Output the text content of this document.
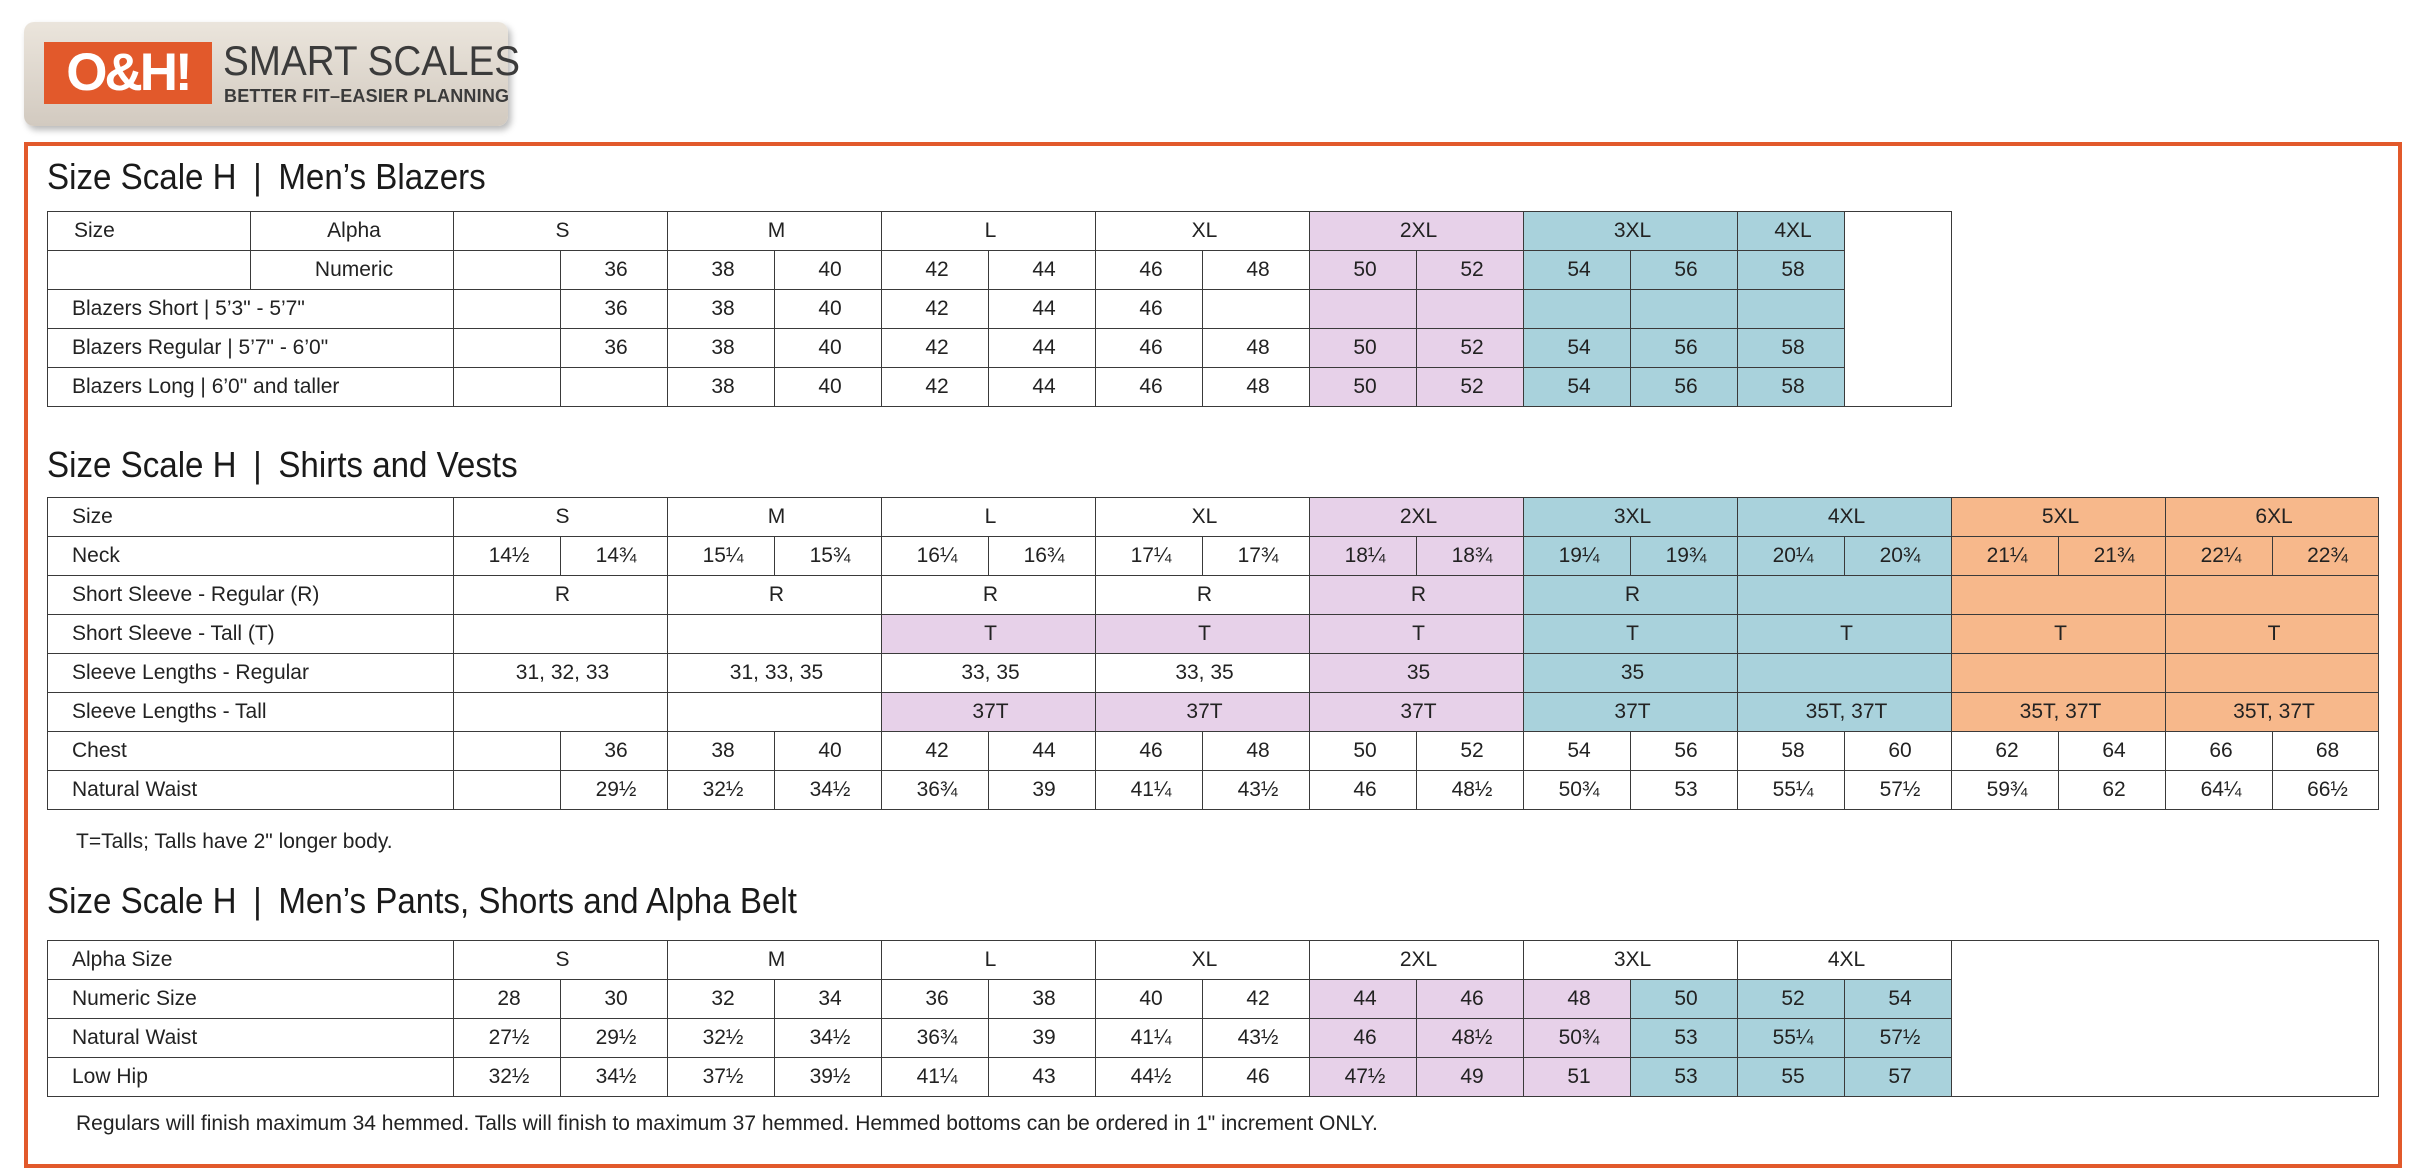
O&H! SMART SCALES
BETTER FIT–EASIER PLANNING
Size Scale H | Men’s Blazers
Size	Alpha	S		M		L		XL		2XL		3XL		4XL	
	Numeric		36	38	40	42	44	46	48	50	52	54	56	58	
Blazers Short | 5’3" - 5’7"			36	38	40	42	44	46							
Blazers Regular | 5’7" - 6’0"			36	38	40	42	44	46	48	50	52	54	56	58	
Blazers Long | 6’0" and taller				38	40	42	44	46	48	50	52	54	56	58	
Size Scale H | Shirts and Vests
Size	S		M		L		XL		2XL		3XL		4XL		5XL		6XL	
Neck	14½	14¾	15¼	15¾	16¼	16¾	17¼	17¾	18¼	18¾	19¼	19¾	20¼	20¾	21¼	21¾	22¼	22¾
Short Sleeve - Regular (R)	R		R		R		R		R		R							
Short Sleeve - Tall (T)					T		T		T		T		T		T		T	
Sleeve Lengths - Regular	31, 32, 33		31, 33, 35		33, 35		33, 35		35		35							
Sleeve Lengths - Tall					37T		37T		37T		37T		35T, 37T		35T, 37T		35T, 37T	
Chest		36	38	40	42	44	46	48	50	52	54	56	58	60	62	64	66	68
Natural Waist		29½	32½	34½	36¾	39	41¼	43½	46	48½	50¾	53	55¼	57½	59¾	62	64¼	66½
T=Talls; Talls have 2" longer body.
Size Scale H | Men’s Pants, Shorts and Alpha Belt
Alpha Size	S		M		L		XL		2XL		3XL		4XL		
Numeric Size	28	30	32	34	36	38	40	42	44	46	48	50	52	54	
Natural Waist	27½	29½	32½	34½	36¾	39	41¼	43½	46	48½	50¾	53	55¼	57½	
Low Hip	32½	34½	37½	39½	41¼	43	44½	46	47½	49	51	53	55	57	
Regulars will finish maximum 34 hemmed. Talls will finish to maximum 37 hemmed. Hemmed bottoms can be ordered in 1" increment ONLY.
